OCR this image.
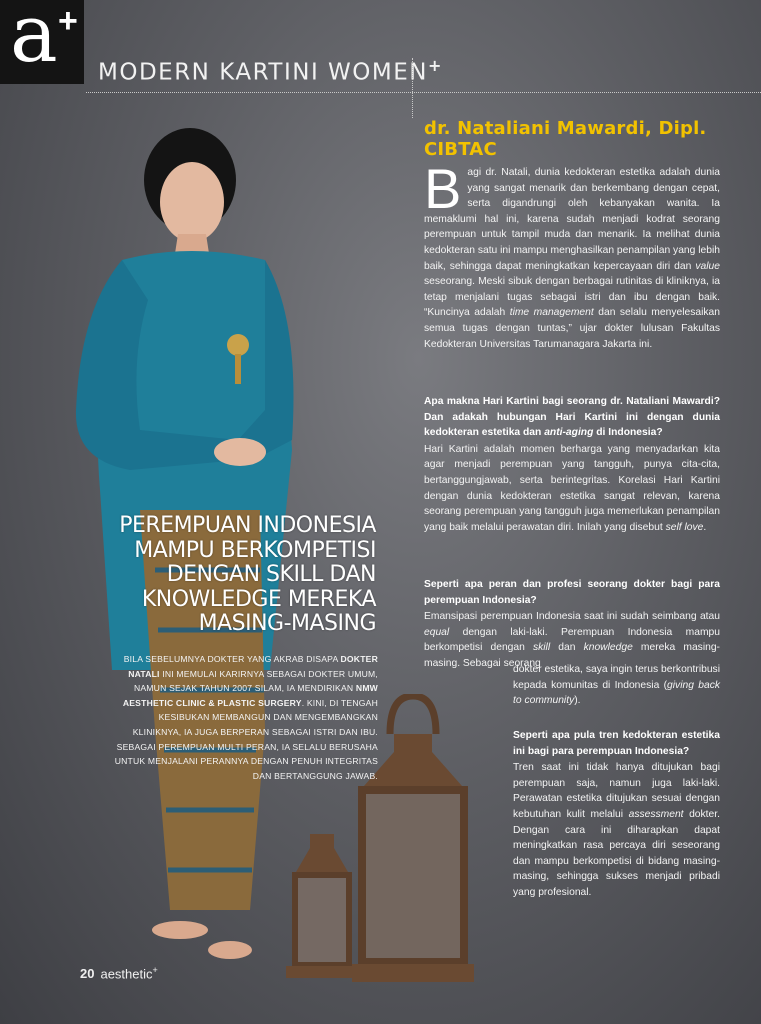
a +
MODERN KARTINI WOMEN+
dr. Nataliani Mawardi, Dipl. CIBTAC
PEREMPUAN INDONESIA MAMPU BERKOMPETISI DENGAN SKILL DAN KNOWLEDGE MEREKA MASING-MASING
BILA SEBELUMNYA DOKTER YANG AKRAB DISAPA DOKTER NATALI INI MEMULAI KARIRNYA SEBAGAI DOKTER UMUM, NAMUN SEJAK TAHUN 2007 SILAM, IA MENDIRIKAN NMW AESTHETIC CLINIC & PLASTIC SURGERY. KINI, DI TENGAH KESIBUKAN MEMBANGUN DAN MENGEMBANGKAN KLINIKNYA, IA JUGA BERPERAN SEBAGAI ISTRI DAN IBU. SEBAGAI PEREMPUAN MULTI PERAN, IA SELALU BERUSAHA UNTUK MENJALANI PERANNYA DENGAN PENUH INTEGRITAS DAN BERTANGGUNG JAWAB.
Bagi dr. Natali, dunia kedokteran estetika adalah dunia yang sangat menarik dan berkembang dengan cepat, serta digandrungi oleh kebanyakan wanita. Ia memaklumi hal ini, karena sudah menjadi kodrat seorang perempuan untuk tampil muda dan menarik. Ia melihat dunia kedokteran satu ini mampu menghasilkan penampilan yang lebih baik, sehingga dapat meningkatkan kepercayaan diri dan value seseorang. Meski sibuk dengan berbagai rutinitas di kliniknya, ia tetap menjalani tugas sebagai istri dan ibu dengan baik. “Kuncinya adalah time management dan selalu menyelesaikan semua tugas dengan tuntas,” ujar dokter lulusan Fakultas Kedokteran Universitas Tarumanagara Jakarta ini.
Apa makna Hari Kartini bagi seorang dr. Nataliani Mawardi? Dan adakah hubungan Hari Kartini ini dengan dunia kedokteran estetika dan anti-aging di Indonesia?
Hari Kartini adalah momen berharga yang menyadarkan kita agar menjadi perempuan yang tangguh, punya cita-cita, bertanggungjawab, serta berintegritas. Korelasi Hari Kartini dengan dunia kedokteran estetika sangat relevan, karena seorang perempuan yang tangguh juga memerlukan penampilan yang baik melalui perawatan diri. Inilah yang disebut self love.
Seperti apa peran dan profesi seorang dokter bagi para perempuan Indonesia?
Emansipasi perempuan Indonesia saat ini sudah seimbang atau equal dengan laki-laki. Perempuan Indonesia mampu berkompetisi dengan skill dan knowledge mereka masing-masing. Sebagai seorang
dokter estetika, saya ingin terus berkontribusi kepada komunitas di Indonesia (giving back to community).
Seperti apa pula tren kedokteran estetika ini bagi para perempuan Indonesia?
Tren saat ini tidak hanya ditujukan bagi perempuan saja, namun juga laki-laki. Perawatan estetika ditujukan sesuai dengan kebutuhan kulit melalui assessment dokter. Dengan cara ini diharapkan dapat meningkatkan rasa percaya diri seseorang dan mampu berkompetisi di bidang masing-masing, sehingga sukses menjadi pribadi yang profesional.
20 aesthetic+
